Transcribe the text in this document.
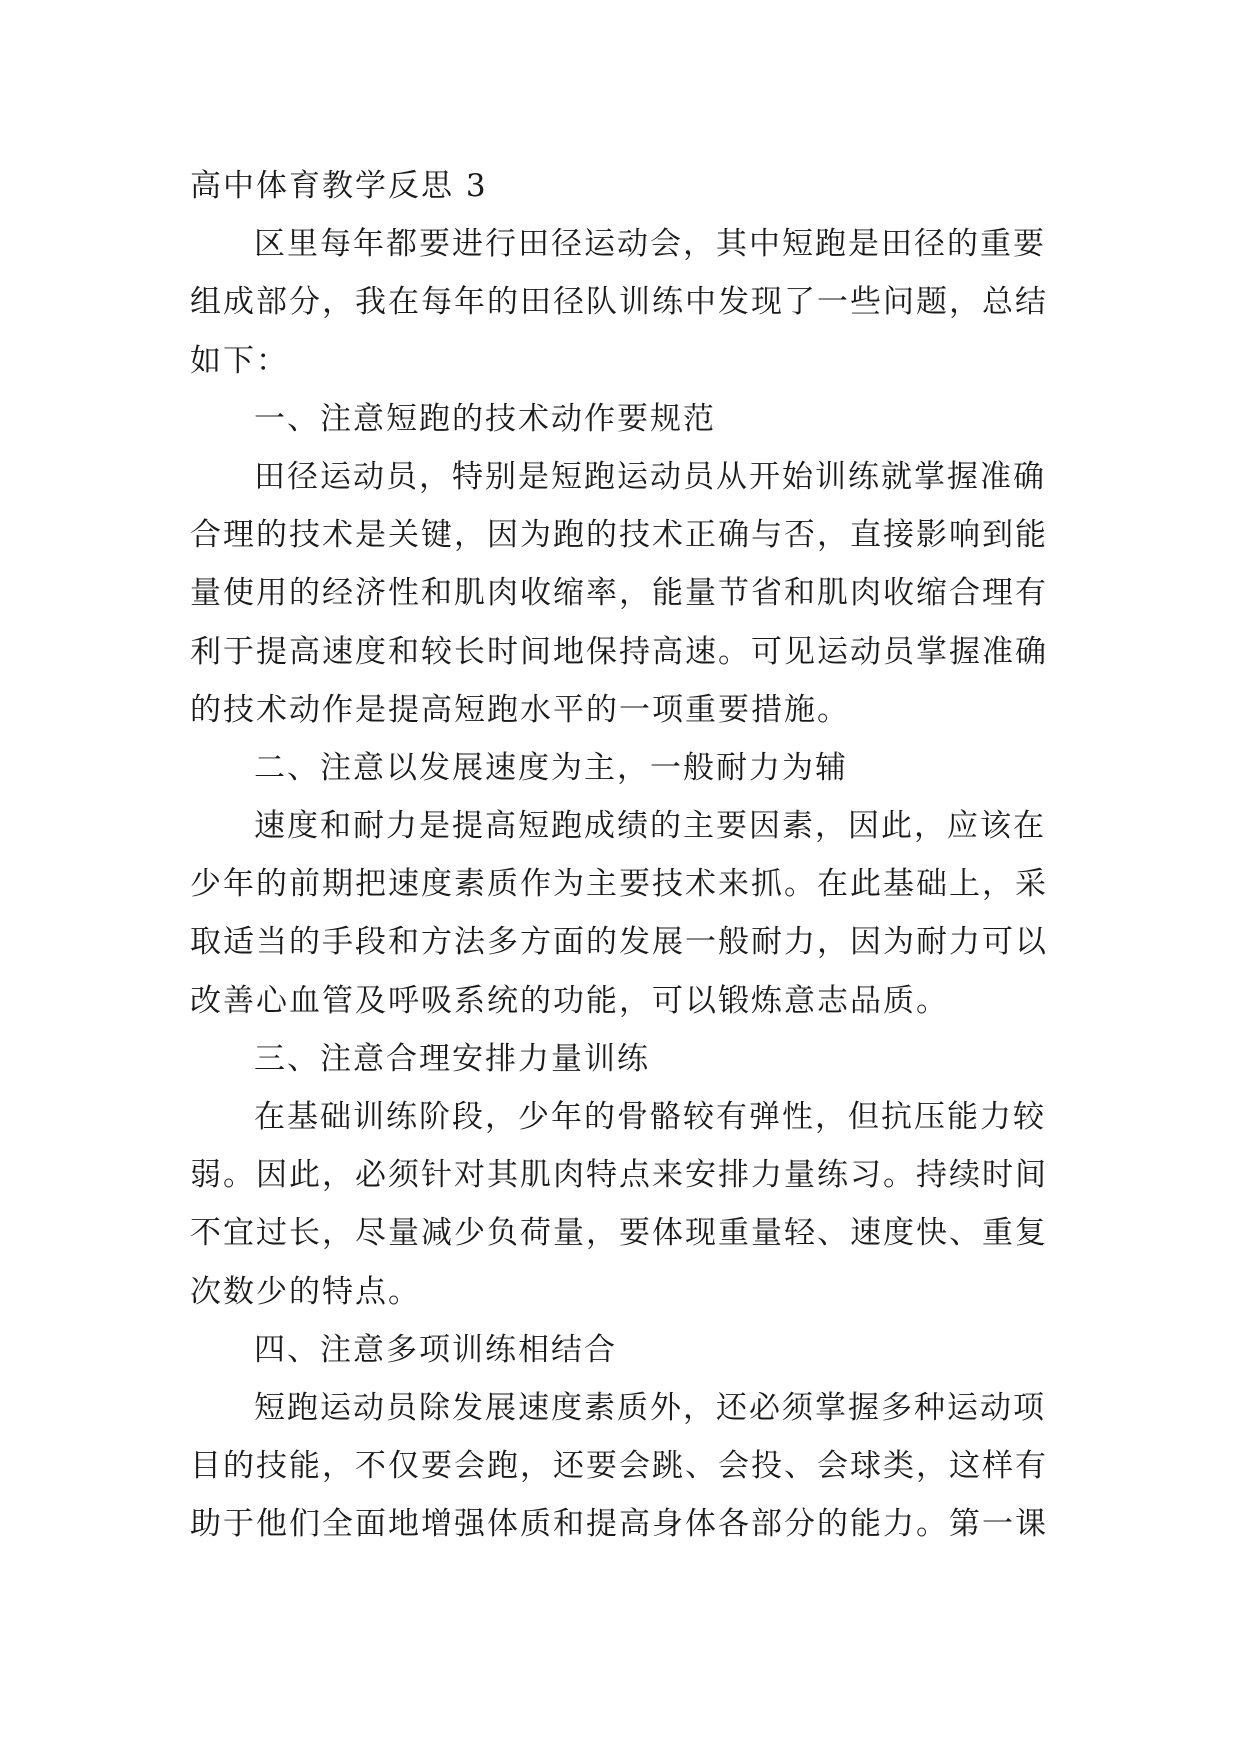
高中体育教学反思 3
区里每年都要进行田径运动会，其中短跑是田径的重要
组成部分，我在每年的田径队训练中发现了一些问题，总结
如下：
一、注意短跑的技术动作要规范
田径运动员，特别是短跑运动员从开始训练就掌握准确
合理的技术是关键，因为跑的技术正确与否，直接影响到能
量使用的经济性和肌肉收缩率，能量节省和肌肉收缩合理有
利于提高速度和较长时间地保持高速。可见运动员掌握准确
的技术动作是提高短跑水平的一项重要措施。
二、注意以发展速度为主，一般耐力为辅
速度和耐力是提高短跑成绩的主要因素，因此，应该在
少年的前期把速度素质作为主要技术来抓。在此基础上，采
取适当的手段和方法多方面的发展一般耐力，因为耐力可以
改善心血管及呼吸系统的功能，可以锻炼意志品质。
三、注意合理安排力量训练
在基础训练阶段，少年的骨骼较有弹性，但抗压能力较
弱。因此，必须针对其肌肉特点来安排力量练习。持续时间
不宜过长，尽量减少负荷量，要体现重量轻、速度快、重复
次数少的特点。
四、注意多项训练相结合
短跑运动员除发展速度素质外，还必须掌握多种运动项
目的技能，不仅要会跑，还要会跳、会投、会球类，这样有
助于他们全面地增强体质和提高身体各部分的能力。第一课
